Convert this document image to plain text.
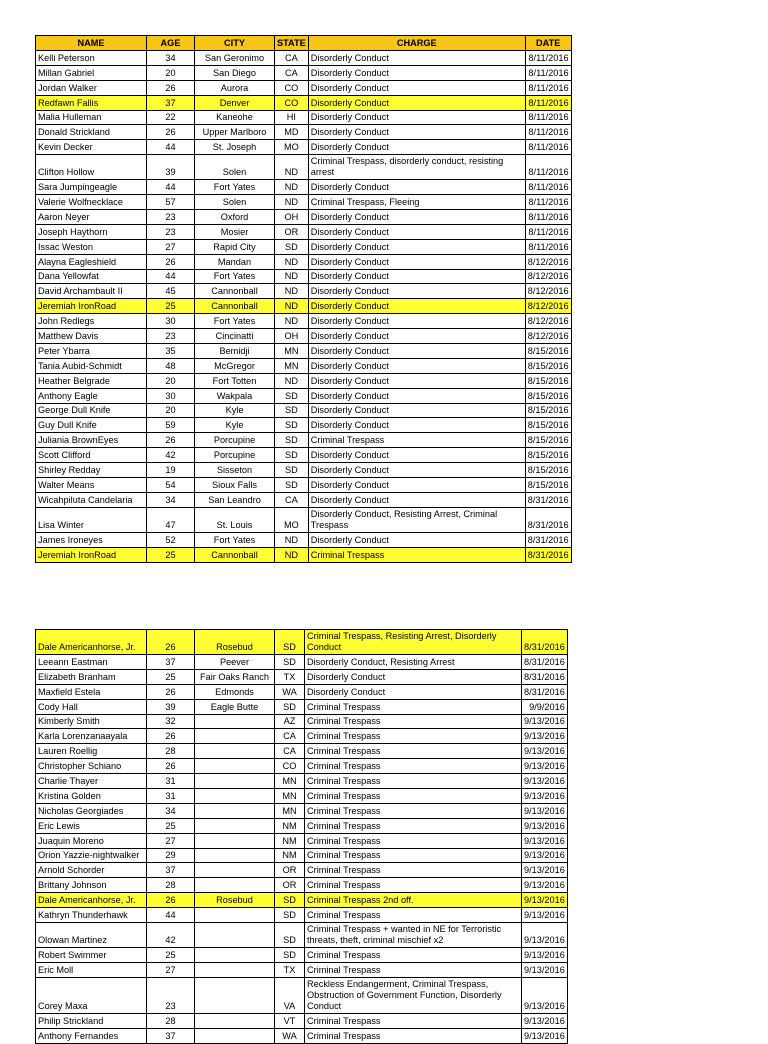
NAME	AGE	CITY	STATE	CHARGE	DATE
Kelli Peterson	34	San Geronimo	CA	Disorderly Conduct	8/11/2016
Millan Gabriel	20	San Diego	CA	Disorderly Conduct	8/11/2016
Jordan Walker	26	Aurora	CO	Disorderly Conduct	8/11/2016
Redfawn Fallis	37	Denver	CO	Disorderly Conduct	8/11/2016
Malia Hulleman	22	Kaneohe	HI	Disorderly Conduct	8/11/2016
Donald Strickland	26	Upper Marlboro	MD	Disorderly Conduct	8/11/2016
Kevin Decker	44	St. Joseph	MO	Disorderly Conduct	8/11/2016
Clifton Hollow	39	Solen	ND	Criminal Trespass, disorderly conduct, resisting arrest	8/11/2016
Sara Jumpingeagle	44	Fort Yates	ND	Disorderly Conduct	8/11/2016
Valerie Wolfnecklace	57	Solen	ND	Criminal Trespass, Fleeing	8/11/2016
Aaron Neyer	23	Oxford	OH	Disorderly Conduct	8/11/2016
Joseph Haythorn	23	Mosier	OR	Disorderly Conduct	8/11/2016
Issac Weston	27	Rapid City	SD	Disorderly Conduct	8/11/2016
Alayna Eagleshield	26	Mandan	ND	Disorderly Conduct	8/12/2016
Dana Yellowfat	44	Fort Yates	ND	Disorderly Conduct	8/12/2016
David Archambault II	45	Cannonball	ND	Disorderly Conduct	8/12/2016
Jeremiah IronRoad	25	Cannonball	ND	Disorderly Conduct	8/12/2016
John Redlegs	30	Fort Yates	ND	Disorderly Conduct	8/12/2016
Matthew Davis	23	Cincinatti	OH	Disorderly Conduct	8/12/2016
Peter Ybarra	35	Bemidji	MN	Disorderly Conduct	8/15/2016
Tania Aubid-Schmidt	48	McGregor	MN	Disorderly Conduct	8/15/2016
Heather Belgrade	20	Fort Totten	ND	Disorderly Conduct	8/15/2016
Anthony Eagle	30	Wakpala	SD	Disorderly Conduct	8/15/2016
George Dull Knife	20	Kyle	SD	Disorderly Conduct	8/15/2016
Guy Dull Knife	59	Kyle	SD	Disorderly Conduct	8/15/2016
Juliania BrownEyes	26	Porcupine	SD	Criminal Trespass	8/15/2016
Scott Clifford	42	Porcupine	SD	Disorderly Conduct	8/15/2016
Shirley Redday	19	Sisseton	SD	Disorderly Conduct	8/15/2016
Walter Means	54	Sioux Falls	SD	Disorderly Conduct	8/15/2016
Wicahpiluta Candelaria	34	San Leandro	CA	Disorderly Conduct	8/31/2016
Lisa Winter	47	St. Louis	MO	Disorderly Conduct, Resisting Arrest, Criminal Trespass	8/31/2016
James Ironeyes	52	Fort Yates	ND	Disorderly Conduct	8/31/2016
Jeremiah IronRoad	25	Cannonball	ND	Criminal Trespass	8/31/2016
Dale Americanhorse, Jr.	26	Rosebud	SD	Criminal Trespass, Resisting Arrest, Disorderly Conduct	8/31/2016
Leeann Eastman	37	Peever	SD	Disorderly Conduct, Resisting Arrest	8/31/2016
Elizabeth Branham	25	Fair Oaks Ranch	TX	Disorderly Conduct	8/31/2016
Maxfield Estela	26	Edmonds	WA	Disorderly Conduct	8/31/2016
Cody Hall	39	Eagle Butte	SD	Criminal Trespass	9/9/2016
Kimberly Smith	32		AZ	Criminal Trespass	9/13/2016
Karla Lorenzanaayala	26		CA	Criminal Trespass	9/13/2016
Lauren Roellig	28		CA	Criminal Trespass	9/13/2016
Christopher Schiano	26		CO	Criminal Trespass	9/13/2016
Charlie Thayer	31		MN	Criminal Trespass	9/13/2016
Kristina Golden	31		MN	Criminal Trespass	9/13/2016
Nicholas Georgiades	34		MN	Criminal Trespass	9/13/2016
Eric Lewis	25		NM	Criminal Trespass	9/13/2016
Juaquin Moreno	27		NM	Criminal Trespass	9/13/2016
Orion Yazzie-nightwalker	29		NM	Criminal Trespass	9/13/2016
Arnold Schorder	37		OR	Criminal Trespass	9/13/2016
Brittany Johnson	28		OR	Criminal Trespass	9/13/2016
Dale Americanhorse, Jr.	26	Rosebud	SD	Criminal Trespass 2nd off.	9/13/2016
Kathryn Thunderhawk	44		SD	Criminal Trespass	9/13/2016
Olowan Martinez	42		SD	Criminal Trespass + wanted in NE for Terroristic threats, theft, criminal mischief x2	9/13/2016
Robert Swimmer	25		SD	Criminal Trespass	9/13/2016
Eric Moll	27		TX	Criminal Trespass	9/13/2016
Corey Maxa	23		VA	Reckless Endangerment, Criminal Trespass, Obstruction of Government Function, Disorderly Conduct	9/13/2016
Philip Strickland	28		VT	Criminal Trespass	9/13/2016
Anthony Fernandes	37		WA	Criminal Trespass	9/13/2016
